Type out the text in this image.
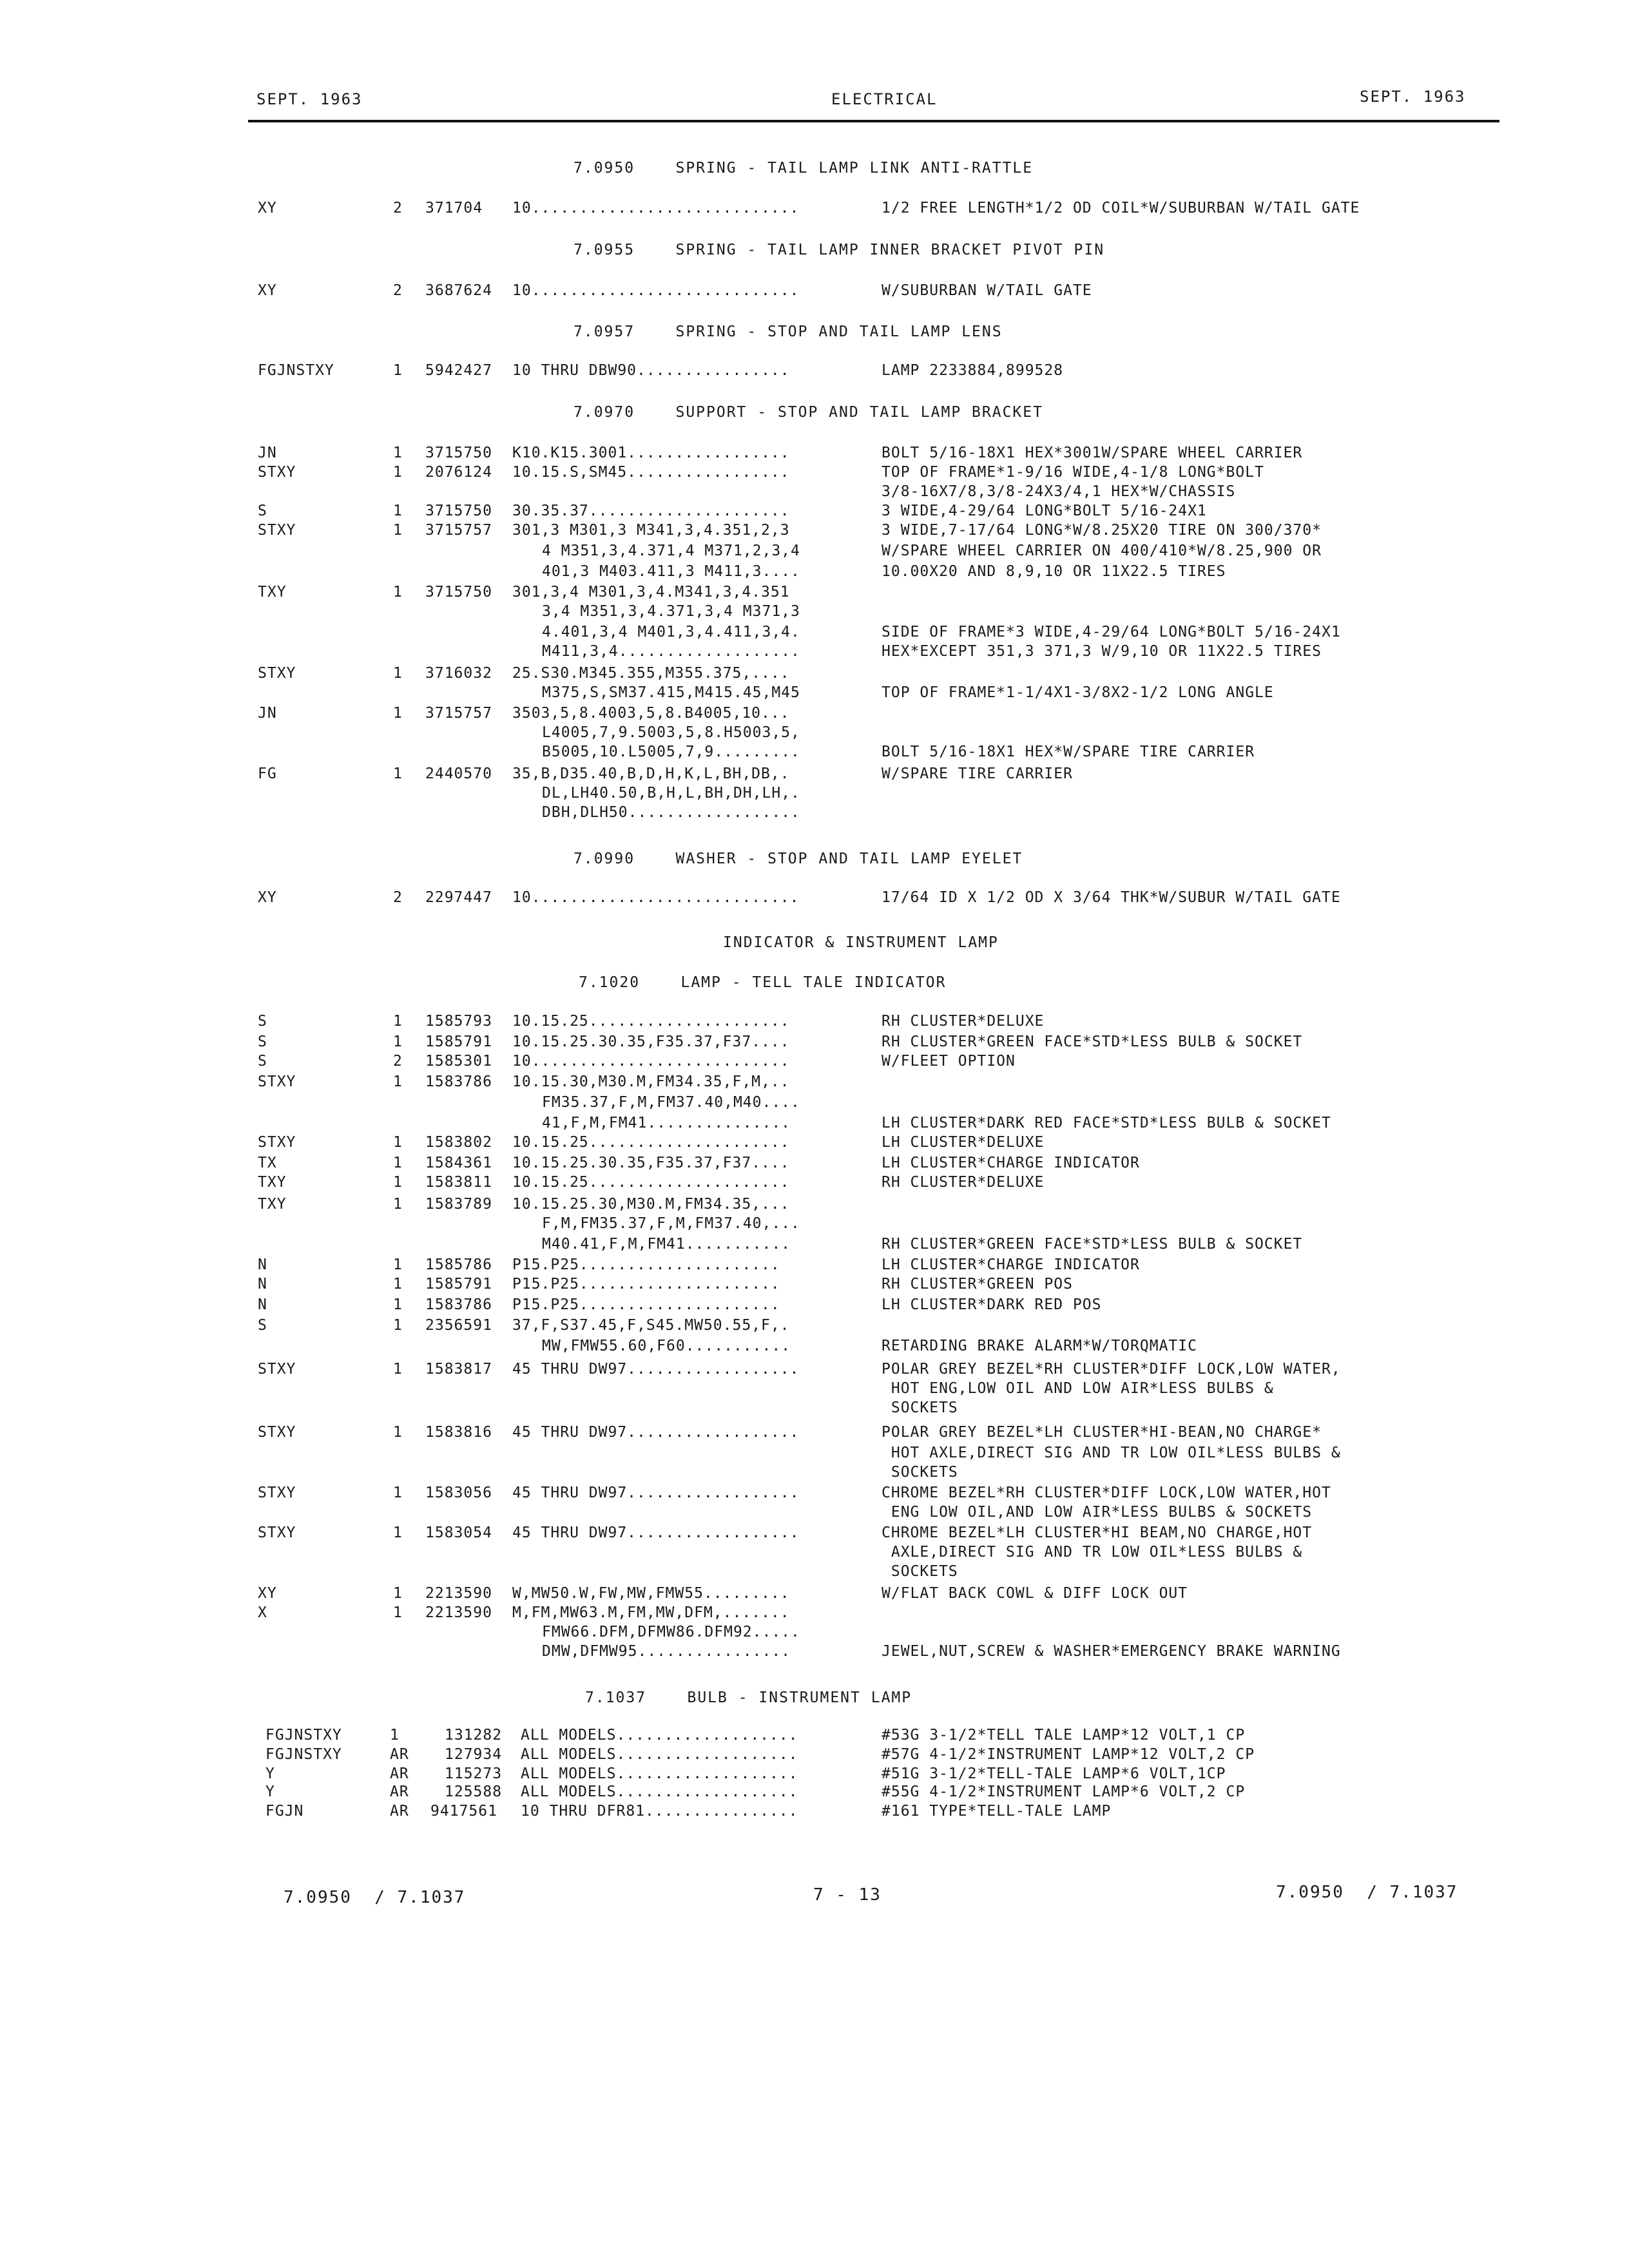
SEPT. 1963	ELECTRICAL	SEPT. 1963
7.0950    SPRING - TAIL LAMP LINK ANTI-RATTLE
XY	2 371704 10............................	1/2 FREE LENGTH*1/2 OD COIL*W/SUBURBAN W/TAIL GATE
7.0955    SPRING - TAIL LAMP INNER BRACKET PIVOT PIN
XY	2 3687624 10............................	W/SUBURBAN W/TAIL GATE
7.0957    SPRING - STOP AND TAIL LAMP LENS
FGJNSTXY	1 5942427 10 THRU DBW90................	LAMP 2233884,899528
7.0970    SUPPORT - STOP AND TAIL LAMP BRACKET
JN	1 3715750 K10.K15.3001.................	BOLT 5/16-18X1 HEX*3001W/SPARE WHEEL CARRIER
STXY	1 2076124 10.15.S,SM45.................	TOP OF FRAME*1-9/16 WIDE,4-1/8 LONG*BOLT
3/8-16X7/8,3/8-24X3/4,1 HEX*W/CHASSIS
S	1 3715750 30.35.37.....................	3 WIDE,4-29/64 LONG*BOLT 5/16-24X1
STXY	1 3715757 301,3 M301,3 M341,3,4.351,2,3	3 WIDE,7-17/64 LONG*W/8.25X20 TIRE ON 300/370*
4 M351,3,4.371,4 M371,2,3,4	W/SPARE WHEEL CARRIER ON 400/410*W/8.25,900 OR
401,3 M403.411,3 M411,3....	10.00X20 AND 8,9,10 OR 11X22.5 TIRES
TXY	1 3715750 301,3,4 M301,3,4.M341,3,4.351
3,4 M351,3,4.371,3,4 M371,3
4.401,3,4 M401,3,4.411,3,4.	SIDE OF FRAME*3 WIDE,4-29/64 LONG*BOLT 5/16-24X1
M411,3,4...................	HEX*EXCEPT 351,3 371,3 W/9,10 OR 11X22.5 TIRES
STXY	1 3716032 25.S30.M345.355,M355.375,....
M375,S,SM37.415,M415.45,M45	TOP OF FRAME*1-1/4X1-3/8X2-1/2 LONG ANGLE
JN	1 3715757 3503,5,8.4003,5,8.B4005,10...
L4005,7,9.5003,5,8.H5003,5,
B5005,10.L5005,7,9.........	BOLT 5/16-18X1 HEX*W/SPARE TIRE CARRIER
FG	1 2440570 35,B,D35.40,B,D,H,K,L,BH,DB,.	W/SPARE TIRE CARRIER
DL,LH40.50,B,H,L,BH,DH,LH,.
DBH,DLH50..................
7.0990    WASHER - STOP AND TAIL LAMP EYELET
XY	2 2297447 10............................	17/64 ID X 1/2 OD X 3/64 THK*W/SUBUR W/TAIL GATE
INDICATOR & INSTRUMENT LAMP
7.1020    LAMP - TELL TALE INDICATOR
S	1 1585793 10.15.25.....................	RH CLUSTER*DELUXE
S	1 1585791 10.15.25.30.35,F35.37,F37....	RH CLUSTER*GREEN FACE*STD*LESS BULB & SOCKET
S	2 1585301 10...........................	W/FLEET OPTION
STXY	1 1583786 10.15.30,M30.M,FM34.35,F,M,..
FM35.37,F,M,FM37.40,M40....
41,F,M,FM41...............	LH CLUSTER*DARK RED FACE*STD*LESS BULB & SOCKET
STXY	1 1583802 10.15.25.....................	LH CLUSTER*DELUXE
TX	1 1584361 10.15.25.30.35,F35.37,F37....	LH CLUSTER*CHARGE INDICATOR
TXY	1 1583811 10.15.25.....................	RH CLUSTER*DELUXE
TXY	1 1583789 10.15.25.30,M30.M,FM34.35,...
F,M,FM35.37,F,M,FM37.40,...
M40.41,F,M,FM41...........	RH CLUSTER*GREEN FACE*STD*LESS BULB & SOCKET
N	1 1585786 P15.P25.....................	LH CLUSTER*CHARGE INDICATOR
N	1 1585791 P15.P25.....................	RH CLUSTER*GREEN POS
N	1 1583786 P15.P25.....................	LH CLUSTER*DARK RED POS
S	1 2356591 37,F,S37.45,F,S45.MW50.55,F,.
MW,FMW55.60,F60...........	RETARDING BRAKE ALARM*W/TORQMATIC
STXY	1 1583817 45 THRU DW97..................	POLAR GREY BEZEL*RH CLUSTER*DIFF LOCK,LOW WATER,
HOT ENG,LOW OIL AND LOW AIR*LESS BULBS &
SOCKETS
STXY	1 1583816 45 THRU DW97..................	POLAR GREY BEZEL*LH CLUSTER*HI-BEAN,NO CHARGE*
HOT AXLE,DIRECT SIG AND TR LOW OIL*LESS BULBS &
SOCKETS
STXY	1 1583056 45 THRU DW97..................	CHROME BEZEL*RH CLUSTER*DIFF LOCK,LOW WATER,HOT
ENG LOW OIL,AND LOW AIR*LESS BULBS & SOCKETS
STXY	1 1583054 45 THRU DW97..................	CHROME BEZEL*LH CLUSTER*HI BEAM,NO CHARGE,HOT
AXLE,DIRECT SIG AND TR LOW OIL*LESS BULBS &
SOCKETS
XY	1 2213590 W,MW50.W,FW,MW,FMW55.........	W/FLAT BACK COWL & DIFF LOCK OUT
X	1 2213590 M,FM,MW63.M,FM,MW,DFM,.......
FMW66.DFM,DFMW86.DFM92.....
DMW,DFMW95................	JEWEL,NUT,SCREW & WASHER*EMERGENCY BRAKE WARNING
7.1037    BULB - INSTRUMENT LAMP
FGJNSTXY	1	131282 ALL MODELS...................	#53G 3-1/2*TELL TALE LAMP*12 VOLT,1 CP
FGJNSTXY	AR 127934 ALL MODELS...................	#57G 4-1/2*INSTRUMENT LAMP*12 VOLT,2 CP
Y	AR 115273 ALL MODELS...................	#51G 3-1/2*TELL-TALE LAMP*6 VOLT,1CP
Y	AR 125588 ALL MODELS...................	#55G 4-1/2*INSTRUMENT LAMP*6 VOLT,2 CP
FGJN	AR 9417561 10 THRU DFR81................	#161 TYPE*TELL-TALE LAMP
7.0950  / 7.1037	7 - 13	7.0950  / 7.1037
